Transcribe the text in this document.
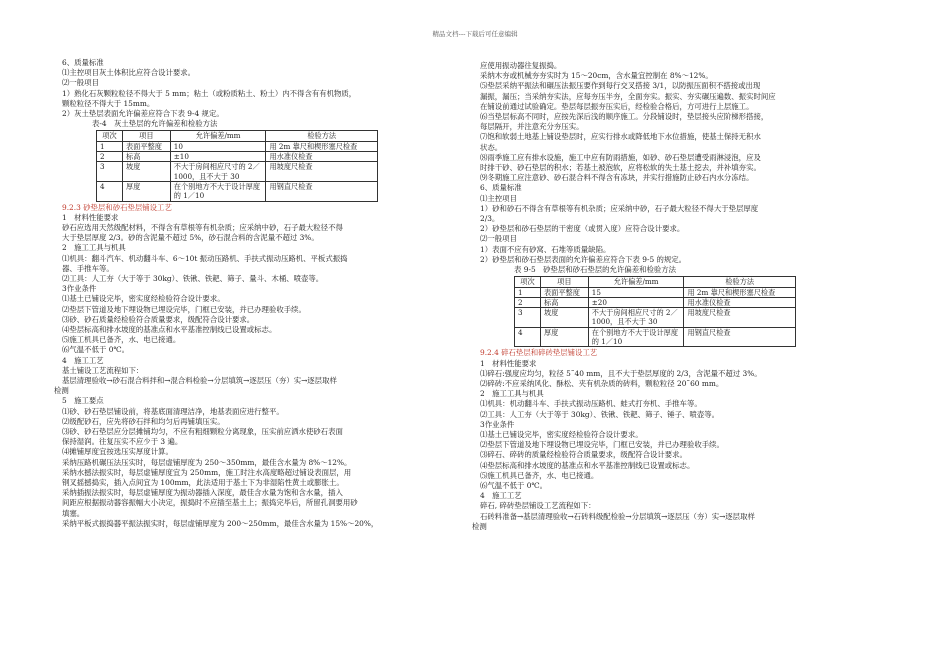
精品文档---下载后可任意编辑
6、质量标准
⑴主控项目灰土体积比应符合设计要求。
⑵一般项目
1）熟化石灰颗粒粒径不得大于 5 mm；粘土（或粉质粘土、粉土）内不得含有有机物质，
颗粒粒径不得大于 15mm。
2）灰土垫层表面允许偏差应符合下表 9-4 规定。
表-4　灰土垫层的允许偏差和检验方法
项次	项目	允许偏差/mm	检验方法
1	表面平整度	10	用 2m 靠尺和楔形塞尺检查
2	标高	±10	用水准仪检查
3	坡度	不大于房间相应尺寸的 2／1000，且不大于 30	用坡度尺检查
4	厚度	在个别地方不大于设计厚度的 1／10	用钢直尺检查
9.2.3 砂垫层和砂石垫层铺设工艺
1　材料性能要求
砂石应选用天然级配材料，不得含有草根等有机杂质；应采纳中砂，石子最大粒径不得
大于垫层厚度 2/3。砂的含泥量不超过 5%，砂石混合料的含泥量不超过 3%。
2　施工工具与机具
⑴机具：翻斗汽车、机动翻斗车、6～10t 振动压路机、手扶式振动压路机、平板式振捣
器、手推车等。
⑵工具：人工夯（大于等于 30kg）、铁锹、铁耙、筛子、量斗、木桶、喷壶等。
3作业条件
⑴基土已铺设完毕，密实度经检验符合设计要求。
⑵垫层下管道及地下埋设物已埋设完毕，门框已安装，并已办理验收手续。
⑶砂、砂石质量经检验符合质量要求，级配符合设计要求。
⑷垫层标高和排水坡度的基准点和水平基准控制线已设置或标志。
⑸施工机具已备齐，水、电已接通。
⑹气温不低于 0℃。
4　施工工艺
基土铺设工艺流程如下：
基层清理验收→砂石混合料拌和→混合料检验→分层填筑→逐层压（夯）实→逐层取样
检测
5　施工要点
⑴砂、砂石垫层铺设前，将基底面清理洁净，地基表面应进行整平。
⑵级配砂石，应先将砂石拌和均匀后再铺填压实。
⑶砂、砂石垫层应分层摊铺均匀，不应有粗细颗粒分离现象，压实前应洒水使砂石表面
保持湿润。往复压实不应少于 3 遍。
⑷摊铺厚度宜按选压实厚度计算。
采纳压路机碾压法压实时，每层虚铺厚度为 250～350mm，最佳含水量为 8%～12%。
采纳水撼法振实时，每层虚铺厚度宜为 250mm，施工时注水高度略超过铺设表面层，用
钢叉摇撼捣实，插入点间宜为 100mm，此法适用于基土下为非湿陷性黄土或膨胀土。
采纳插振法振实时，每层虚铺厚度为振动器插入深度，最佳含水量为饱和含水量，插入
间距应根据振动器容振幅大小决定，振捣时不应插至基土上；振捣完毕后，所留孔洞要用砂
填塞。
采纳平板式振捣器平振法振实时，每层虚铺厚度为 200～250mm，最佳含水量为 15%～20%，
应使用振动器往复振捣。
采纳木夯或机械夯夯实时为 15～20cm，含水量宜控制在 8%～12%。
⑸垫层采纳平振法和碾压法振压要作到每行交叉搭接 3/1，以防振压面积不搭接或出现
漏振，漏压；当采纳夯实法，应每夯压半夯，全面夯实。振实、夯实碾压遍数、振实时间应
在铺设前通过试验确定。垫层每层振夯压实后，经检验合格后，方可进行上层施工。
⑹当垫层标高不同时，应按先深后浅的顺序施工。分段铺设时，垫层接头应阶梯形搭接，
每层隔开，并注意充分夯压实。
⑺饱和软弱土地基上铺设垫层时，应实行排水或降低地下水位措施，使基土保持无积水
状态。
⑻雨季施工应有排水设施，施工中应有防雨措施，如砂、砂石垫层遭受雨淋浸泡，应及
时排干砂、砂石垫层的积水；若基土被泡软，应将松软的失土基土挖去，并补填夯实。
⑼冬期施工应注意砂、砂石混合料不得含有冻块，并实行措施防止砂石内水分冻结。
6、质量标准
⑴主控项目
1）砂和砂石不得含有草根等有机杂质；应采纳中砂，石子最大粒径不得大于垫层厚度
2/3。
2）砂垫层和砂石垫层的干密度（或贯入度）应符合设计要求。
⑵一般项目
1）表面不应有砂窝、石堆等质量缺陷。
2）砂垫层和砂石垫层表面的允许偏差应符合下表 9-5 的规定。
表 9-5　砂垫层和砂石垫层的允许偏差和检验方法
项次	项目	允许偏差/mm	检验方法
1	表面平整度	15	用 2m 靠尺和楔形塞尺检查
2	标高	±20	用水准仪检查
3	坡度	不大于房间相应尺寸的 2／1000，且不大于 30	用坡度尺检查
4	厚度	在个别地方不大于设计厚度的 1／10	用钢直尺检查
9.2.4 碎石垫层和碎砖垫层铺设工艺
1　材料性能要求
⑴碎石:强度应均匀，粒径 5˜40 mm，且不大于垫层厚度的 2/3，含泥量不超过 3%。
⑵碎砖:不应采纳风化、酥松、夹有机杂质的砖料，颗粒粒径 20˜60 mm。
2　施工工具与机具
⑴机具：机动翻斗车、手扶式振动压路机、蛙式打夯机、手推车等。
⑵工具：人工夯（大于等于 30kg）、铁锹、铁耙、筛子、锤子、喷壶等。
3作业条件
⑴基土已铺设完毕，密实度经检验符合设计要求。
⑵垫层下管道及地下埋设物已埋设完毕，门框已安装，并已办理验收手续。
⑶碎石、碎砖的质量经检验符合质量要求，级配符合设计要求。
⑷垫层标高和排水坡度的基准点和水平基准控制线已设置或标志。
⑸施工机具已备齐，水、电已接通。
⑹气温不低于 0℃。
4　施工工艺
碎石, 碎砖垫层铺设工艺流程如下：
石砖料准备→基层清理验收→石砖料级配检验→分层填筑→逐层压（夯）实→逐层取样
检测
